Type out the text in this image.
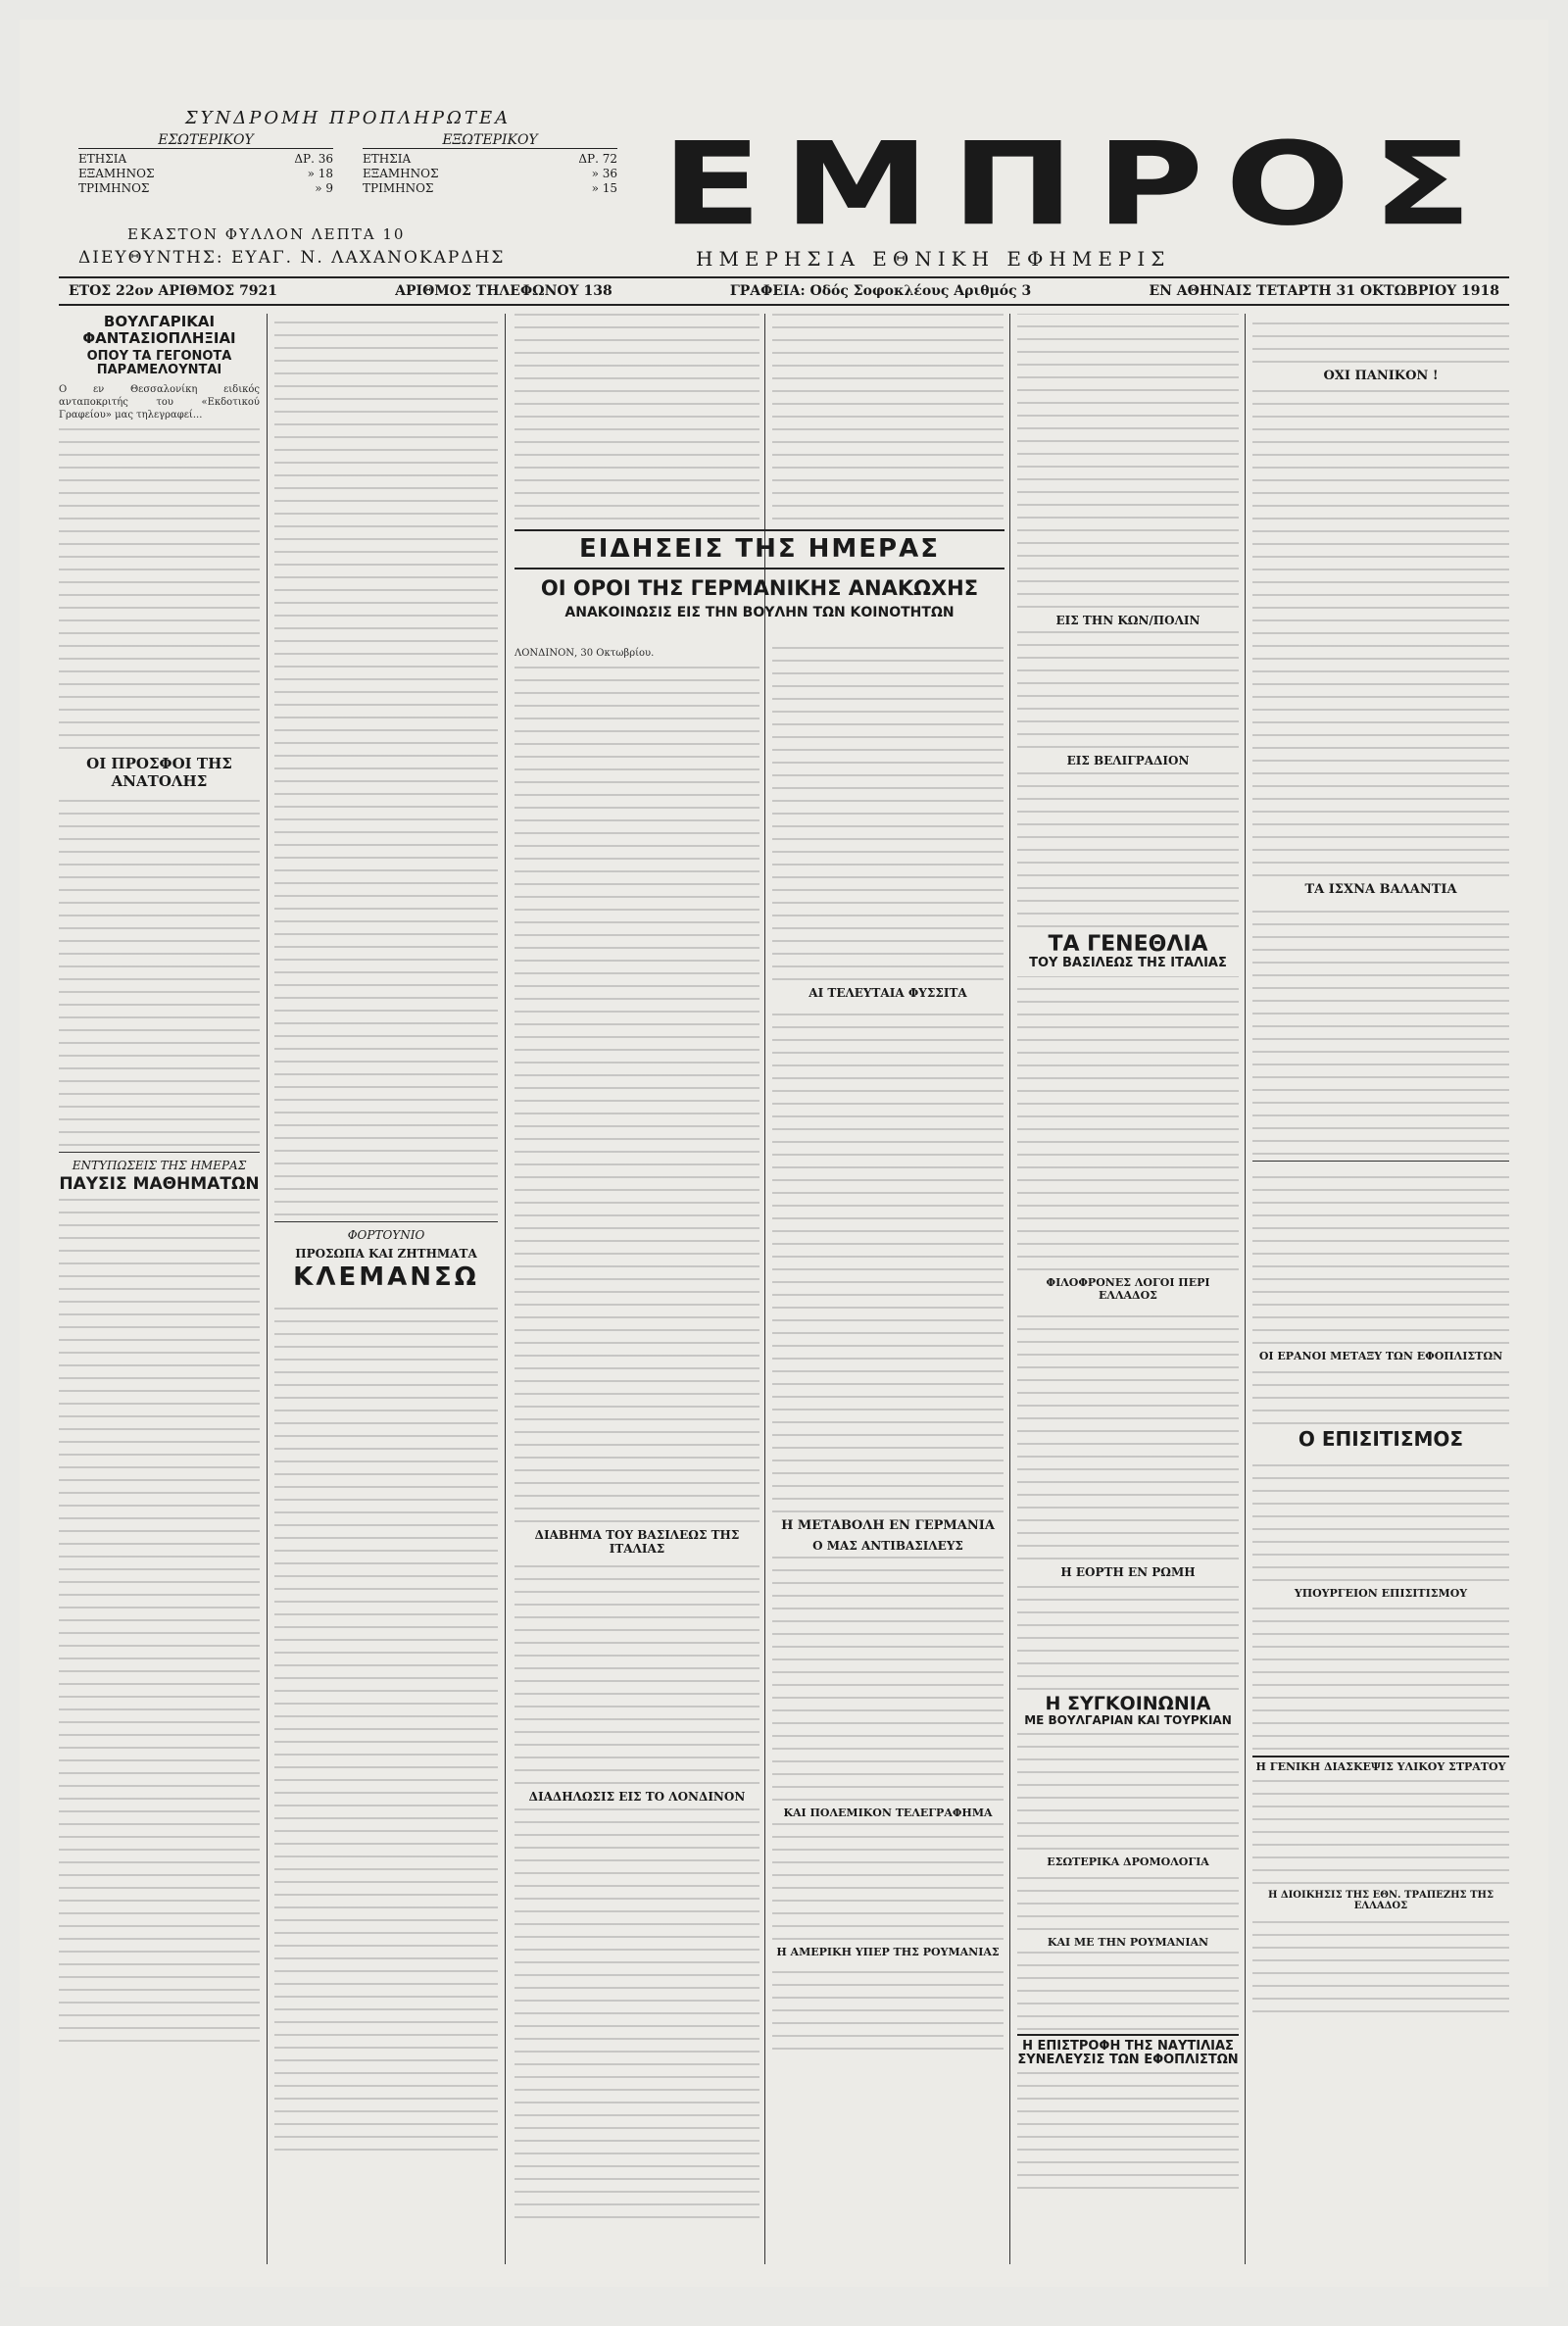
ΣΥΝΔΡΟΜΗ ΠΡΟΠΛΗΡΩΤΕΑ
ΕΣΩΤΕΡΙΚΟΥ
ΕΤΗΣΙΑ	ΔΡ. 36
ΕΞΑΜΗΝΟΣ	» 18
ΤΡΙΜΗΝΟΣ	» 9
ΕΞΩΤΕΡΙΚΟΥ
ΕΤΗΣΙΑ	ΔΡ. 72
ΕΞΑΜΗΝΟΣ	» 36
ΤΡΙΜΗΝΟΣ	» 15
ΕΚΑΣΤΟΝ ΦΥΛΛΟΝ ΛΕΠΤΑ 10
ΔΙΕΥΘΥΝΤΗΣ: ΕΥΑΓ. Ν. ΛΑΧΑΝΟΚΑΡΔΗΣ
ΕΜΠΡΟΣ
ΗΜΕΡΗΣΙΑ ΕΘΝΙΚΗ ΕΦΗΜΕΡΙΣ
ΕΤΟΣ 22ον ΑΡΙΘΜΟΣ 7921	ΑΡΙΘΜΟΣ ΤΗΛΕΦΩΝΟΥ 138	ΓΡΑΦΕΙΑ: Οδός Σοφοκλέους Αριθμός 3	ΕΝ ΑΘΗΝΑΙΣ ΤΕΤΑΡΤΗ 31 ΟΚΤΩΒΡΙΟΥ 1918
ΒΟΥΛΓΑΡΙΚΑΙ ΦΑΝΤΑΣΙΟΠΛΗΞΙΑΙ
ΟΠΟΥ ΤΑ ΓΕΓΟΝΟΤΑ ΠΑΡΑΜΕΛΟΥΝΤΑΙ
Ο εν Θεσσαλονίκη ειδικός ανταποκριτής του «Εκδοτικού Γραφείου» μας τηλεγραφεί...
ΟΙ ΠΡΟΣΦΟΙ ΤΗΣ ΑΝΑΤΟΛΗΣ
ΕΝΤΥΠΩΣΕΙΣ ΤΗΣ ΗΜΕΡΑΣ
ΠΑΥΣΙΣ ΜΑΘΗΜΑΤΩΝ
ΦΟΡΤΟΥΝΙΟ
ΠΡΟΣΩΠΑ ΚΑΙ ΖΗΤΗΜΑΤΑ
ΚΛΕΜΑΝΣΩ
ΕΙΔΗΣΕΙΣ ΤΗΣ ΗΜΕΡΑΣ
ΟΙ ΟΡΟΙ ΤΗΣ ΓΕΡΜΑΝΙΚΗΣ ΑΝΑΚΩΧΗΣ
ΑΝΑΚΟΙΝΩΣΙΣ ΕΙΣ ΤΗΝ ΒΟΥΛΗΝ ΤΩΝ ΚΟΙΝΟΤΗΤΩΝ
ΛΟΝΔΙΝΟΝ, 30 Οκτωβρίου.
ΔΙΑΒΗΜΑ ΤΟΥ ΒΑΣΙΛΕΩΣ ΤΗΣ ΙΤΑΛΙΑΣ
ΔΙΑΔΗΛΩΣΙΣ ΕΙΣ ΤΟ ΛΟΝΔΙΝΟΝ
ΑΙ ΤΕΛΕΥΤΑΙΑ ΦΥΣΣΙΤΑ
Η ΜΕΤΑΒΟΛΗ ΕΝ ΓΕΡΜΑΝΙΑ
Ο ΜΑΣ ΑΝΤΙΒΑΣΙΛΕΥΣ
ΚΑΙ ΠΟΛΕΜΙΚΟΝ ΤΕΛΕΓΡΑΦΗΜΑ
Η ΑΜΕΡΙΚΗ ΥΠΕΡ ΤΗΣ ΡΟΥΜΑΝΙΑΣ
ΕΙΣ ΤΗΝ ΚΩΝ/ΠΟΛΙΝ
ΕΙΣ ΒΕΛΙΓΡΑΔΙΟΝ
ΤΑ ΓΕΝΕΘΛΙΑ
ΤΟΥ ΒΑΣΙΛΕΩΣ ΤΗΣ ΙΤΑΛΙΑΣ
ΦΙΛΟΦΡΟΝΕΣ ΛΟΓΟΙ ΠΕΡΙ ΕΛΛΑΔΟΣ
Η ΕΟΡΤΗ ΕΝ ΡΩΜΗ
Η ΣΥΓΚΟΙΝΩΝΙΑ
ΜΕ ΒΟΥΛΓΑΡΙΑΝ ΚΑΙ ΤΟΥΡΚΙΑΝ
ΕΣΩΤΕΡΙΚΑ ΔΡΟΜΟΛΟΓΙΑ
ΚΑΙ ΜΕ ΤΗΝ ΡΟΥΜΑΝΙΑΝ
Η ΕΠΙΣΤΡΟΦΗ ΤΗΣ ΝΑΥΤΙΛΙΑΣ
ΣΥΝΕΛΕΥΣΙΣ ΤΩΝ ΕΦΟΠΛΙΣΤΩΝ
ΟΧΙ ΠΑΝΙΚΟΝ !
ΤΑ ΙΣΧΝΑ ΒΑΛΑΝΤΙΑ
ΟΙ ΕΡΑΝΟΙ ΜΕΤΑΞΥ ΤΩΝ ΕΦΟΠΛΙΣΤΩΝ
Ο ΕΠΙΣΙΤΙΣΜΟΣ
ΥΠΟΥΡΓΕΙΟΝ ΕΠΙΣΙΤΙΣΜΟΥ
Η ΓΕΝΙΚΗ ΔΙΑΣΚΕΨΙΣ ΥΛΙΚΟΥ ΣΤΡΑΤΟΥ
Η ΔΙΟΙΚΗΣΙΣ ΤΗΣ ΕΘΝ. ΤΡΑΠΕΖΗΣ ΤΗΣ ΕΛΛΑΔΟΣ
